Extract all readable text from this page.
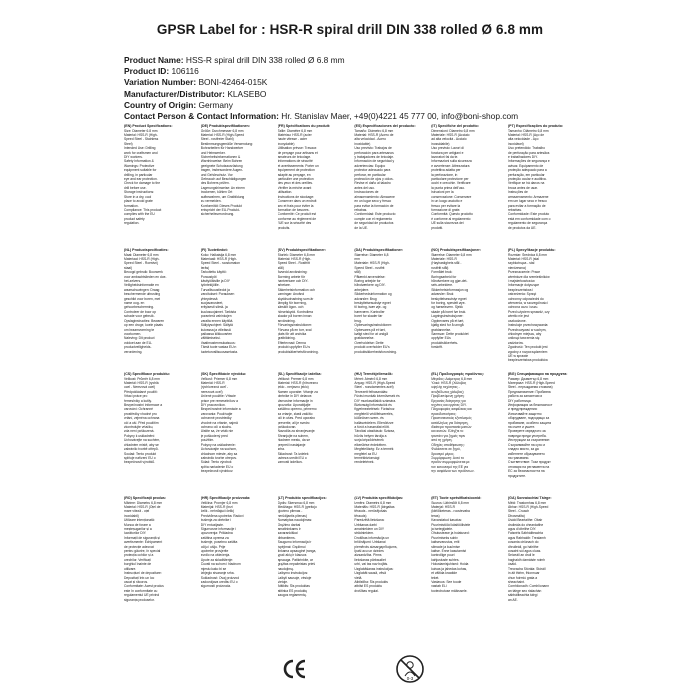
GPSR Label for : HSR-R spiral drill DIN 338 rolled Ø 6.8 mm
Product Name: HSS-R spiral drill DIN 338 rolled Ø 6.8 mm
Product ID: 106116
Variation Number: BONI-42464-015K
Manufacturer/Distributor: KLASEBO
Country of Origin: Germany
Contact Person & Contact Information: Hr. Stanislav Maer, +49(0)4221 45 777 00, info@boni-shop.com
(EN) Product Specifications:
Size: Diameter 6.8 mm
Material: HSS-R (High-
Speed Steel - Stainless
Steel)
Intended Use: Drilling
work for craftsmen and
DIY workers.
Safety Information &
Warnings: Protective
equipment suitable for
drilling, in particular
eye and ear protection.
Check for damage to the
drill before use.
Storage instructions:
Store in a dry, cool
place to avoid grate
formation.
Compliance: This product
complies with the EU
product safety
regulation.
(DE) Produktspezifikationen:
Größe: Durchmesser 6,8 mm
Material: HSS-R (High-Speed
Steel - rostfreier Stahl)
Bestimmungsgemäße Verwendung:
Bohrarbeiten für Handwerker
und Heimwerker.
Sicherheitsinformationen &
Warnhinweise: Beim Bohren
geeignete Schutzausrüstung
tragen, insbesondere Augen-
und Gehörschutz. Vor
Gebrauch auf Beschädigungen
des Bohrers prüfen.
Lagerungshinweise: An einem
trockenen, kühlen Ort
aufbewahren, um Gratbildung
zu vermeiden.
Konformität: Dieses Produkt
entspricht der EU-Produkt-
sicherheitsverordnung.
(FR) Spécifications du produit:
Taille: Diamètre 6,8 mm
Matériau: HSS-R (acier
haute vitesse - acier
inoxydable)
Utilisation prévue: Travaux
de perçage pour artisans et
amateurs de bricolage.
Informations de sécurité
et avertissements: Porter un
équipement de protection
adapté au perçage, en
particulier une protection
des yeux et des oreilles.
Vérifier la mèche avant
utilisation.
Instructions de stockage:
Conserver dans un endroit
sec et frais pour éviter la
formation de bavures.
Conformité: Ce produit est
conforme au règlement de
l'UE sur la sécurité des
produits.
(ES) Especificaciones del producto:
Tamaño: Diámetro 6,8 mm
Material: HSS-R (Acero de
alta velocidad - Acero
inoxidable)
Uso previsto: Trabajos de
perforación para artesanos
y trabajadores de bricolaje.
Información de seguridad y
advertencias: Equipo
protector adecuado para
perforar, en particular
protección de ojos y oídos.
Revise el daño al taladro
antes del uso.
Instrucciones de
almacenamiento: Almacene
en un lugar seco y fresco
para evitar la formación de
rebabas.
Conformidad: Este producto
cumple con el reglamento
de seguridad de productos
de la UE.
(IT) Specifiche del prodotto:
Dimensioni: Diametro 6,8 mm
Materiale: HSS-R (Acciaio
ad alta velocità - Acciaio
inossidabile)
Uso previsto: Lavori di
foratura per artigiani e
lavoratori fai da te.
Informazioni sulla sicurezza
e avvertenze: Attrezzatura
protettiva adatta per
la perforazione, in
particolare protezione per
occhi e orecchie. Verificare
la punta prima dell'uso.
Istruzioni per la
conservazione: Conservare
in un luogo asciutto e
fresco per evitare la
formazione di grate.
Conformità: Questo prodotto
è conforme al regolamento
UE sulla sicurezza dei
prodotti.
(PT) Especificações do produto:
Tamanho: Diâmetro 6,8 mm
Material: HSS-R (Aço de
alta velocidade - Aço
inoxidável)
Uso pretendido: Trabalho
de perfuração para artesãos
e trabalhadores DIY.
Informações de segurança e
avisos: Equipamento de
proteção adequado para a
perfuração, em particular
proteção ocular e auditiva.
Verifique se há danos na
broca antes de usar.
Instruções de
armazenamento: Armazene
em um lugar seco e fresco
para evitar a formação de
rebarbas.
Conformidade: Este produto
está em conformidade com o
regulamento de segurança
de produtos da UE.
(NL) Productspecificaties:
Maat: Diameter 6,8 mm
Materiaal: HSS-R (High-
Speed Steel - Roestvrij
staal)
Beoogd gebruik: Boorwerk
voor ambachtslieden en doe-
het-zelvers.
Veiligheidsinformatie en
waarschuwingen: Draag
beschermende uitrusting
geschikt voor boren, met
name oog- en
gehoorbescherming.
Controleer de boor op
schade voor gebruik.
Opslaginstructies: Bewaren
op een droge, koele plaats
om braamvorming te
voorkomen.
Naleving: Dit product
voldoet aan de EU-
productveiligheids-
verordening.
(FI) Tuotetiedot:
Koko: Halkaisija 6,8 mm
Materiaali: HSS-R (High-
Speed Steel - ruostumaton
teräs)
Tarkoitettu käyttö:
Poraustyöt
käsityöläisille ja DIY
työntekijöille.
Turvallisuustiedot ja
varoitukset: Porauksen
yhteydessä
suojavarusteet,
erityisesti silmä- ja
kuulosuojaimet. Tarkista
poranterä vahinkojen
varalta ennen käyttöä.
Säilytysohjeet: Säilytä
kuivassa ja viileässä
paikassa kilkkuvarten
välttämiseksi.
Vaatimustenmukaisuus:
Tämä tuote vastaa EU:n
tuoteturvallisuusasetusta.
(SV) Produktspecifikationer:
Storlek: Diameter 6,8 mm
Material: HSS-R (High-
Speed Steel - Rostfritt
stål)
Avsedd användning:
Borrning arbete för
hantverkare och DIY-
arbetare.
Säkerhetsinformation och
varningar: Använd
skyddsutrustning som är
lämplig för borrning,
särskilt ögon- och
hörselskydd. Kontrollera
skador på borren innan
användning.
Förvaringsinstruktioner:
Förvara på en torr, sval
plats för att undvika
gratbildning.
Efterlevnad: Denna
produkt uppfyller EU:s
produktsäkerhetsförordning.
(DA) Produktspecifikationer:
Størrelse: Diameter 6,8
mm
Materiale: HSS-R (High-
Speed Steel - rustfrit
stål)
Påtænkt anvendelse:
Boring arbejde for
håndværkere og DIY-
arbejdere.
Sikkerhedsinformation og
advarsler: Brug
beskyttelsesudstyr egnet
til boring, især øje- og
høreværn. Kontroller
boret for skader før
brug.
Opbevaringsinstruktioner:
Opbevares på et tørt,
køligt sted for at undgå
gratdannelse.
Overholdelse: Dette
produkt overholder EU's
produktsikkerhedsforordning.
(NO) Produktspesifikasjoner:
Størrelse: Diameter 6,8 mm
Materiale: HSS-R
(Høyhastighets stål -
rustfritt stål)
Formålet bruk:
Boringsarbeid for
håndverkere og gjør-det-
selv-arbeidere.
Sikkerhetsinformasjon og
advarsler: Bruk
beskyttelsesutstyr egnet
for boring, spesielt øye-
og hørselsvern. Sjekk
skade på boret før bruk.
Lagringsinstruksjoner:
Oppbevares på et tørt,
kjølig sted for å unngå
gratdannelse.
Samsvar: Dette produktet
oppfyller EUs
produktsikkerhets-
forskrift.
(PL) Specyfikacje produktu:
Rozmiar: Średnica 6,8 mm
Materiał: HSS-R (stal
szybkotnąca - stal
nierdzewna)
Przeznaczenie: Prace
wiertnicze dla rzemieślników
i majsterkowiczów.
Informacje dotyczące
bezpieczeństwa i
ostrzeżenia: Sprzęt
ochronny odpowiedni do
wiercenia, w szczególności
ochrona oczu i uszu.
Przed użyciem sprawdź, czy
wiertło nie jest
uszkodzone.
Instrukcje przechowywania:
Przechowywać w suchym,
chłodnym miejscu, aby
uniknąć tworzenia się
zadziorów.
Zgodność: Ten produkt jest
zgodny z rozporządzeniem
UE w sprawie
bezpieczeństwa produktów.
(CS) Specifikace produktu:
Velikost: Průměr 6,8 mm
Materiál: HSS-R (rychlá
ocel - Nerezová ocel)
Předpokládané použití:
Vrtací práce pro
řemeslníky a kutily.
Bezpečnostní informace a
varování: Ochranné
prostředky vhodné pro
vrtání, zejména ochrana
očí a uší. Před použitím
zkontrolujte vrtačku,
zda není poškozená.
Pokyny k uskladnění:
Uchovávejte na suchém,
chladném místě, aby se
zabránilo tvorbě otřepů.
Soulad: Tento produkt
splňuje nařízení EU o
bezpečnosti výrobků.
(SK) Špecifikácie výrobku:
Veľkosť: Priemer 6,8 mm
Materiál: HSS-R
(rýchlorezná oceľ -
nerezová oceľ)
Určené použitie: Vŕtacie
práce pre remeselníkov a
DIY pracovníkov.
Bezpečnostné informácie a
varovania: Používajte
ochranné prostriedky
vhodné na vŕtanie, najmä
ochranu očí a sluchu.
Uistite sa, že vrták nie
je poškodený pred
použitím.
Pokyny na uskladnenie:
Uchovávajte na suchom,
chladnom mieste, aby sa
zabránilo tvorbe otrepov.
Súlad: Tento výrobok
spĺňa nariadenie EÚ o
bezpečnosti výrobkov.
(SL) Specifikacije izdelka:
Velikost: Premer 6,8 mm
Material: HSS-R (hitrorezno
jeklo - nerjavno jeklo)
Namen uporabe: Vrtanje za
obrtnike in DIY delavce.
Varnostne informacije in
opozorila: Uporabljajte
zaščitno opremo, primerno
za vrtanje, zlasti zaščito
oči in ušes. Pred uporabo
preverite, ali je svedrc
poškodovan.
Navodila za shranjevanje:
Shranjujte na suhem,
hladnem mestu, da se
prepreči nastajanje
srha.
Skladnost: Ta izdelek
ustreza uredbi EU o
varnosti izdelkov.
(HU) Termékjellemzők:
Méret: Átmérő 6,8 mm
Anyag: HSS-R (High-Speed
Steel - rozsdamentes acél)
Tervezett felhasználás:
Fúrási munkák kézművesek és
DIY munkavállalók számára.
Biztonsági információk és
figyelmeztetések: Fúráshoz
megfelelő védőfelszerelés,
különösen szem- és
hallásvédelem. Ellenőrizze
a fúrót a használat előtt.
Tárolási utasítások: Száraz,
hűvös helyen tárolja a
sorja képződésének
elkerülése érdekében.
Megfelelőség: Ez a termék
megfelel az EU
termékbiztonsági
rendeletének.
(EL) Προδιαγραφές προϊόντος:
Μέγεθος: Διάμετρος 6,8 mm
Υλικό: HSS-R (Χάλυβας
υψηλής ταχύτητας -
ανοξείδωτος χάλυβας)
Προβλεπόμενη χρήση:
Εργασίες διάτρησης για
τεχνίτες και εργάτες DIY.
Πληροφορίες ασφάλειας και
προειδοποιήσεις:
Προστατευτικός εξοπλισμός
κατάλληλος για διάτρηση,
ιδιαίτερα προστασία ματιών
και αυτιών. Ελέγξτε το
τρυπάνι για ζημιές πριν
από τη χρήση.
Οδηγίες αποθήκευσης:
Φυλάσσετε σε ξηρό,
δροσερό μέρος.
Συμμόρφωση: Αυτό το
προϊόν συμμορφώνεται με
τον κανονισμό της ΕΕ για
την ασφάλεια των προϊόντων.
(BG) Спецификации на продукта:
Размер: Диаметър 6,8 mm
Материал: HSS-R (High-Speed
Steel - неръждаема стомана)
Предназначение: Пробивна
работа за занаятчии и
DIY работници.
Информация за безопасност
и предупреждения:
Използвайте защитно
оборудване, подходящо за
пробиване, особено защита
на очите и ушите.
Проверете свредлото за
повреди преди употреба.
Инструкции за съхранение:
Съхранявайте на сухо и
хладно място, за да
избегнете образуването
на грапавини.
Съответствие: Този продукт
отговаря на регламента на
ЕС за безопасността на
продуктите.
(RO) Specificații produs:
Mărime: Diametru 6,8 mm
Material: HSS-R (Oțel de
mare viteză - oțel
inoxidabil)
Utilizare intenționată:
Munca de forare a
meșteșugarilor și a
lucrătorilor DIY.
Informații de siguranță și
avertismente: Echipament
de protecție adecvat
pentru găurire, în special
protecția ochilor și a
urechilor. Verificați
burghiul înainte de
utilizare.
Instrucțiuni de depozitare:
Depozitați într-un loc
uscat și răcoros.
Conformitate: Acest produs
este în conformitate cu
regulamentul UE privind
siguranța produselor.
(HR) Specifikacije proizvoda:
Veličina: Promjer 6,8 mm
Materijal: HSS-R (brzi
čelik - nehrđajući čelik)
Predviđena upotreba: Radovi
bušenja za obrtnike i
DIY entuzijaste.
Sigurnosne informacije i
upozorenja: Prikladna
zaštitna oprema za
bušenje, posebno zaštita
očiju i ušiju. Prije
upotrebe provjerite
svrdlo na oštećenja.
Upute za skladištenje:
Čuvati na suhom i hladnom
mjestu kako bi se
izbjeglo stvaranje srha.
Sukladnost: Ovaj proizvod
zadovoljava uredbu EU o
sigurnosti proizvoda.
(LT) Produkto specifikacijos:
Dydis: Skersmuo 6,8 mm
Medžiaga: HSS-R (greitojo
pjovimo plienas -
nerūdijantis plienas)
Numatytas naudojimas:
Gręžimo darbai
amatininkams ir
savarankiškai
dirbantiems.
Saugumo informacija ir
įspėjimai: Gręžimui
tinkama apsauginė įranga,
ypač akių ir klausos
apsauga. Patikrinkite, ar
grąžtas nepažeistas prieš
naudojimą.
Laikymo instrukcijos:
Laikyti sausoje, vėsioje
vietoje.
Atitiktis: Šis produktas
atitinka ES produktų
saugos reglamentą.
(LV) Produkta specifikācijas:
Izmērs: Diametrs 6,8 mm
Materiāls: HSS-R (ātrgaitas
tērauds - nerūsējošais
tērauds)
Paredzētā lietošana:
Urbšanas darbi
amatniekiem un DIY
strādniekiem.
Drošības informācija un
brīdinājumi: Urbšanai
piemērots aizsargaprīkojums,
īpaši acu un dzirdes
aizsardzība. Pirms
lietošanas pārbaudiet
urbi, vai tas nav bojāts.
Uzglabāšanas instrukcijas:
Uzglabāt sausā, vēsā
vietā.
Atbilstība: Šis produkts
atbilst ES produktu
drošības regulai.
(ET) Toote spetsifikatsioonid:
Suurus: Läbimõõt 6,8 mm
Materjal: HSS-R
(kiirlõiketeras - roostevaba
teras)
Kavandatud kasutus:
Puurimistööd käsitöölistele
ja isetegijatele.
Ohutusteave ja hoiatused:
Puurimiseks sobiv
kaitsevarustus, eriti
silmade ja kuulmise
kaitse. Enne kasutamist
kontrollige puuri
kahjustuste suhtes.
Hoiustamisjuhised: Hoida
kuivas ja jahedas kohas,
et vältida kraatide
teket.
Vastavus: See toode
vastab ELi
tooteohutuse määrusele.
(GA) Sonraíochtaí Táirge:
Méid: Trastomhas 6,8 mm
Ábhar: HSS-R (High-Speed
Steel - Cruach
Dhosmálta)
Úsáid Beartaithe: Obair
druileála do cheardaithe
agus d'oibrithe DIY.
Faisnéis Sábháilteachta
agus Rabhaidh: Trealamh
cosanta oiriúnach do
dhruileáil, go háirithe
cosaint súl agus cluas.
Seiceáil an druil le
haghaidh damáiste roimh
úsáid.
Treoracha Stórála: Stóráil
in áit thirim, fhionnuar
chun foirmiú grata a
sheachaint.
Comhlíonadh: Comhlíonann
an táirge seo rialachán
sábháilteachta táirgí
an AE.
0-3
